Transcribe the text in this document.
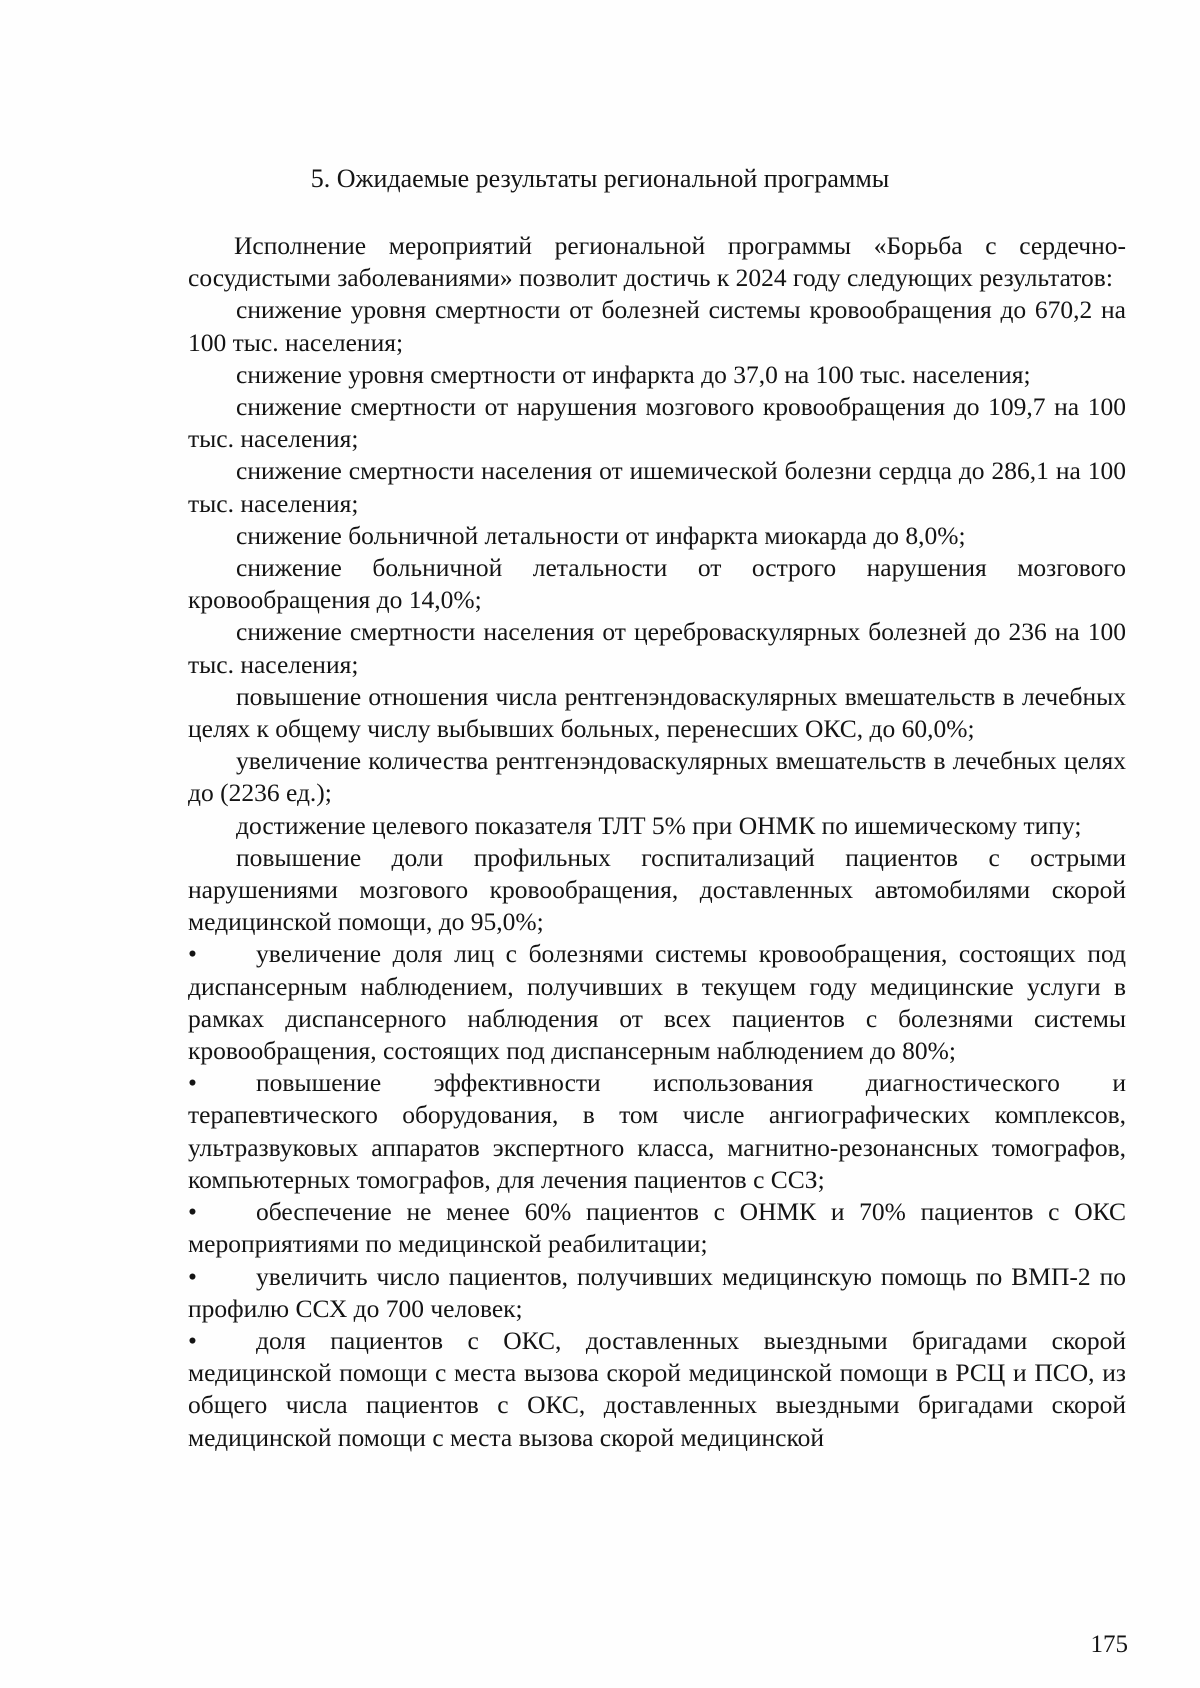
5. Ожидаемые результаты региональной программы

Исполнение мероприятий региональной программы «Борьба с сердечно-сосудистыми заболеваниями» позволит достичь к 2024 году следующих результатов:

снижение уровня смертности от болезней системы кровообращения до 670,2 на 100 тыс. населения;

снижение уровня смертности от инфаркта до 37,0 на 100 тыс. населения;

снижение смертности от нарушения мозгового кровообращения до 109,7 на 100 тыс. населения;

снижение смертности населения от ишемической болезни сердца до 286,1 на 100 тыс. населения;

снижение больничной летальности от инфаркта миокарда до 8,0%;

снижение больничной летальности от острого нарушения мозгового кровообращения до 14,0%;

снижение смертности населения от цереброваскулярных болезней до 236 на 100 тыс. населения;

повышение отношения числа рентгенэндоваскулярных вмешательств в лечебных целях к общему числу выбывших больных, перенесших ОКС, до 60,0%;

увеличение количества рентгенэндоваскулярных вмешательств в лечебных целях до (2236 ед.);

достижение целевого показателя ТЛТ 5% при ОНМК по ишемическому типу;

повышение доли профильных госпитализаций пациентов с острыми нарушениями мозгового кровообращения, доставленных автомобилями скорой медицинской помощи, до 95,0%;

• увеличение доля лиц с болезнями системы кровообращения, состоящих под диспансерным наблюдением, получивших в текущем году медицинские услуги в рамках диспансерного наблюдения от всех пациентов с болезнями системы кровообращения, состоящих под диспансерным наблюдением до 80%;

• повышение эффективности использования диагностического и терапевтического оборудования, в том числе ангиографических комплексов, ультразвуковых аппаратов экспертного класса, магнитно-резонансных томографов, компьютерных томографов, для лечения пациентов с ССЗ;

• обеспечение не менее 60% пациентов с ОНМК и 70% пациентов с ОКС мероприятиями по медицинской реабилитации;

• увеличить число пациентов, получивших медицинскую помощь по ВМП-2 по профилю ССХ до 700 человек;

• доля пациентов с ОКС, доставленных выездными бригадами скорой медицинской помощи с места вызова скорой медицинской помощи в РСЦ и ПСО, из общего числа пациентов с ОКС, доставленных выездными бригадами скорой медицинской помощи с места вызова скорой медицинской

175
